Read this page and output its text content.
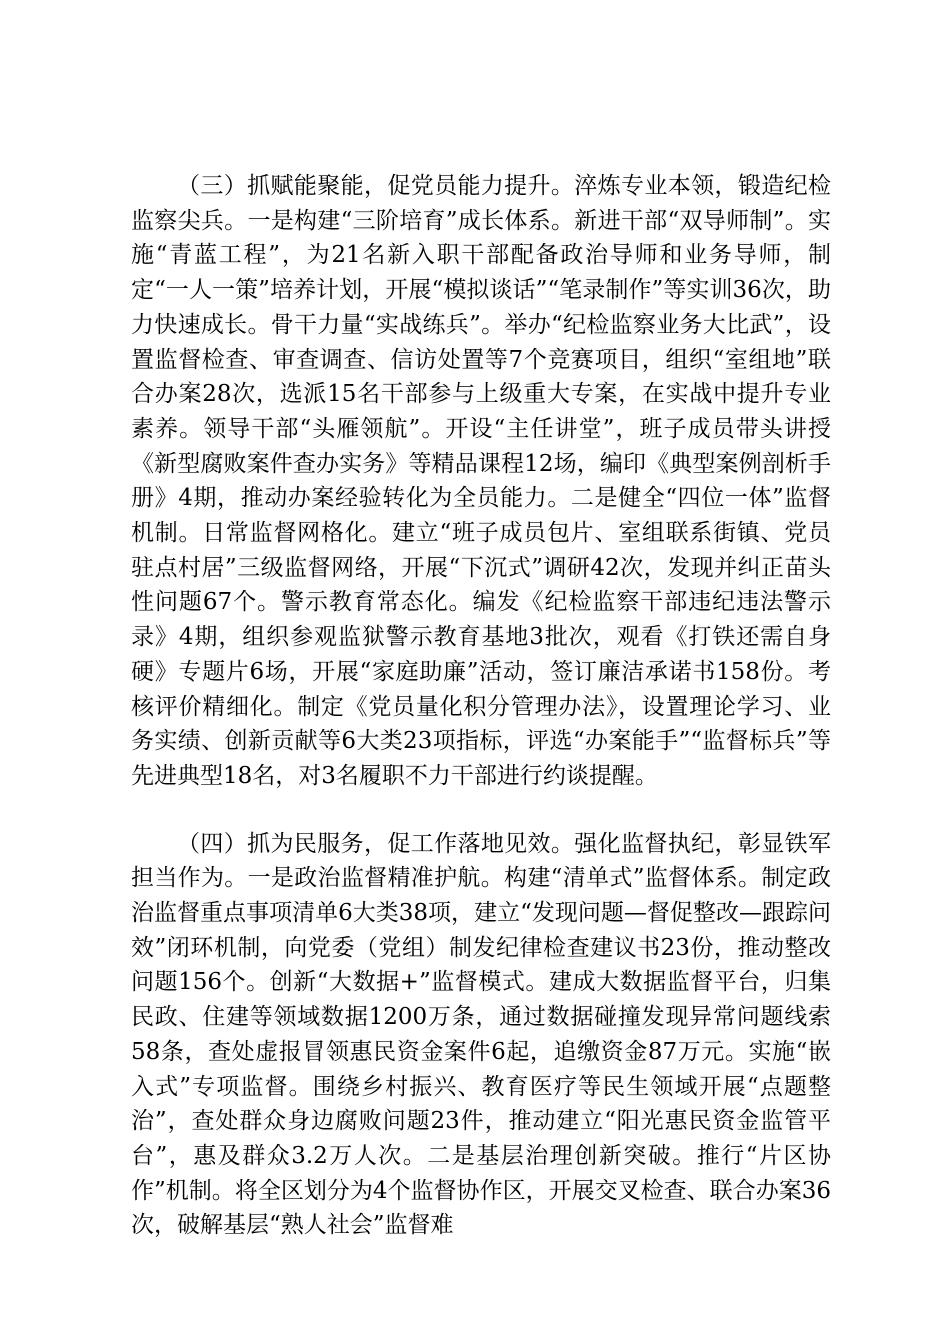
（三）抓赋能聚能，促党员能力提升。淬炼专业本领，锻造纪检监察尖兵。一是构建“三阶培育”成长体系。新进干部“双导师制”。实施“青蓝工程”，为21名新入职干部配备政治导师和业务导师，制定“一人一策”培养计划，开展“模拟谈话”“笔录制作”等实训36次，助力快速成长。骨干力量“实战练兵”。举办“纪检监察业务大比武”，设置监督检查、审查调查、信访处置等7个竞赛项目，组织“室组地”联合办案28次，选派15名干部参与上级重大专案，在实战中提升专业素养。领导干部“头雁领航”。开设“主任讲堂”，班子成员带头讲授《新型腐败案件查办实务》等精品课程12场，编印《典型案例剖析手册》4期，推动办案经验转化为全员能力。二是健全“四位一体”监督机制。日常监督网格化。建立“班子成员包片、室组联系街镇、党员驻点村居”三级监督网络，开展“下沉式”调研42次，发现并纠正苗头性问题67个。警示教育常态化。编发《纪检监察干部违纪违法警示录》4期，组织参观监狱警示教育基地3批次，观看《打铁还需自身硬》专题片6场，开展“家庭助廉”活动，签订廉洁承诺书158份。考核评价精细化。制定《党员量化积分管理办法》，设置理论学习、业务实绩、创新贡献等6大类23项指标，评选“办案能手”“监督标兵”等先进典型18名，对3名履职不力干部进行约谈提醒。

（四）抓为民服务，促工作落地见效。强化监督执纪，彰显铁军担当作为。一是政治监督精准护航。构建“清单式”监督体系。制定政治监督重点事项清单6大类38项，建立“发现问题—督促整改—跟踪问效”闭环机制，向党委（党组）制发纪律检查建议书23份，推动整改问题156个。创新“大数据+”监督模式。建成大数据监督平台，归集民政、住建等领域数据1200万条，通过数据碰撞发现异常问题线索58条，查处虚报冒领惠民资金案件6起，追缴资金87万元。实施“嵌入式”专项监督。围绕乡村振兴、教育医疗等民生领域开展“点题整治”，查处群众身边腐败问题23件，推动建立“阳光惠民资金监管平台”，惠及群众3.2万人次。二是基层治理创新突破。推行“片区协作”机制。将全区划分为4个监督协作区，开展交叉检查、联合办案36次，破解基层“熟人社会”监督难
